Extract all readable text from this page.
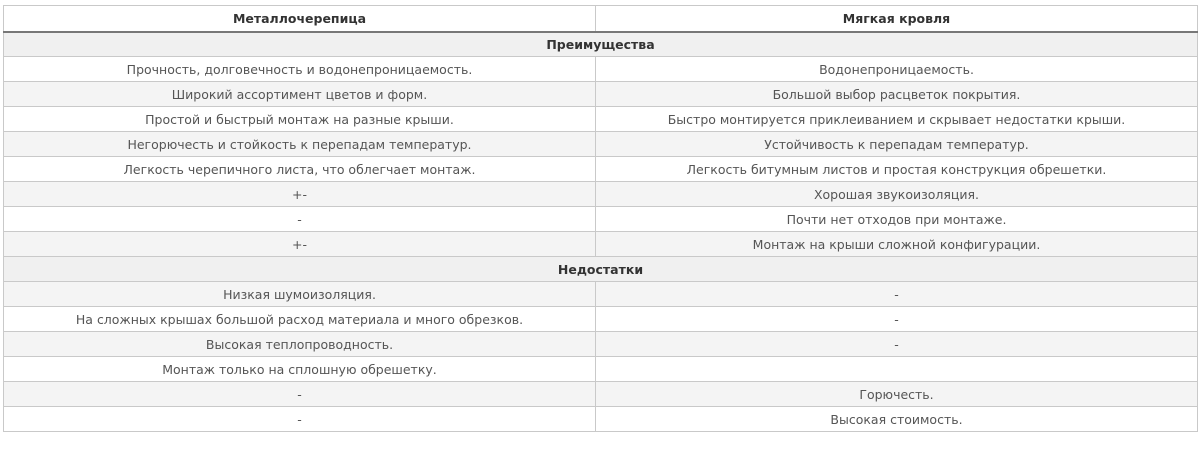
Металлочерепица	Мягкая кровля
Преимущества	
Прочность, долговечность и водонепроницаемость.	Водонепроницаемость.
Широкий ассортимент цветов и форм.	Большой выбор расцветок покрытия.
Простой и быстрый монтаж на разные крыши.	Быстро монтируется приклеиванием и скрывает недостатки крыши.
Негорючесть и стойкость к перепадам температур.	Устойчивость к перепадам температур.
Легкость черепичного листа, что облегчает монтаж.	Легкость битумным листов и простая конструкция обрешетки.
+-	Хорошая звукоизоляция.
-	Почти нет отходов при монтаже.
+-	Монтаж на крыши сложной конфигурации.
Недостатки	
Низкая шумоизоляция.	-
На сложных крышах большой расход материала и много обрезков.	-
Высокая теплопроводность.	-
Монтаж только на сплошную обрешетку.	
-	Горючесть.
-	Высокая стоимость.
